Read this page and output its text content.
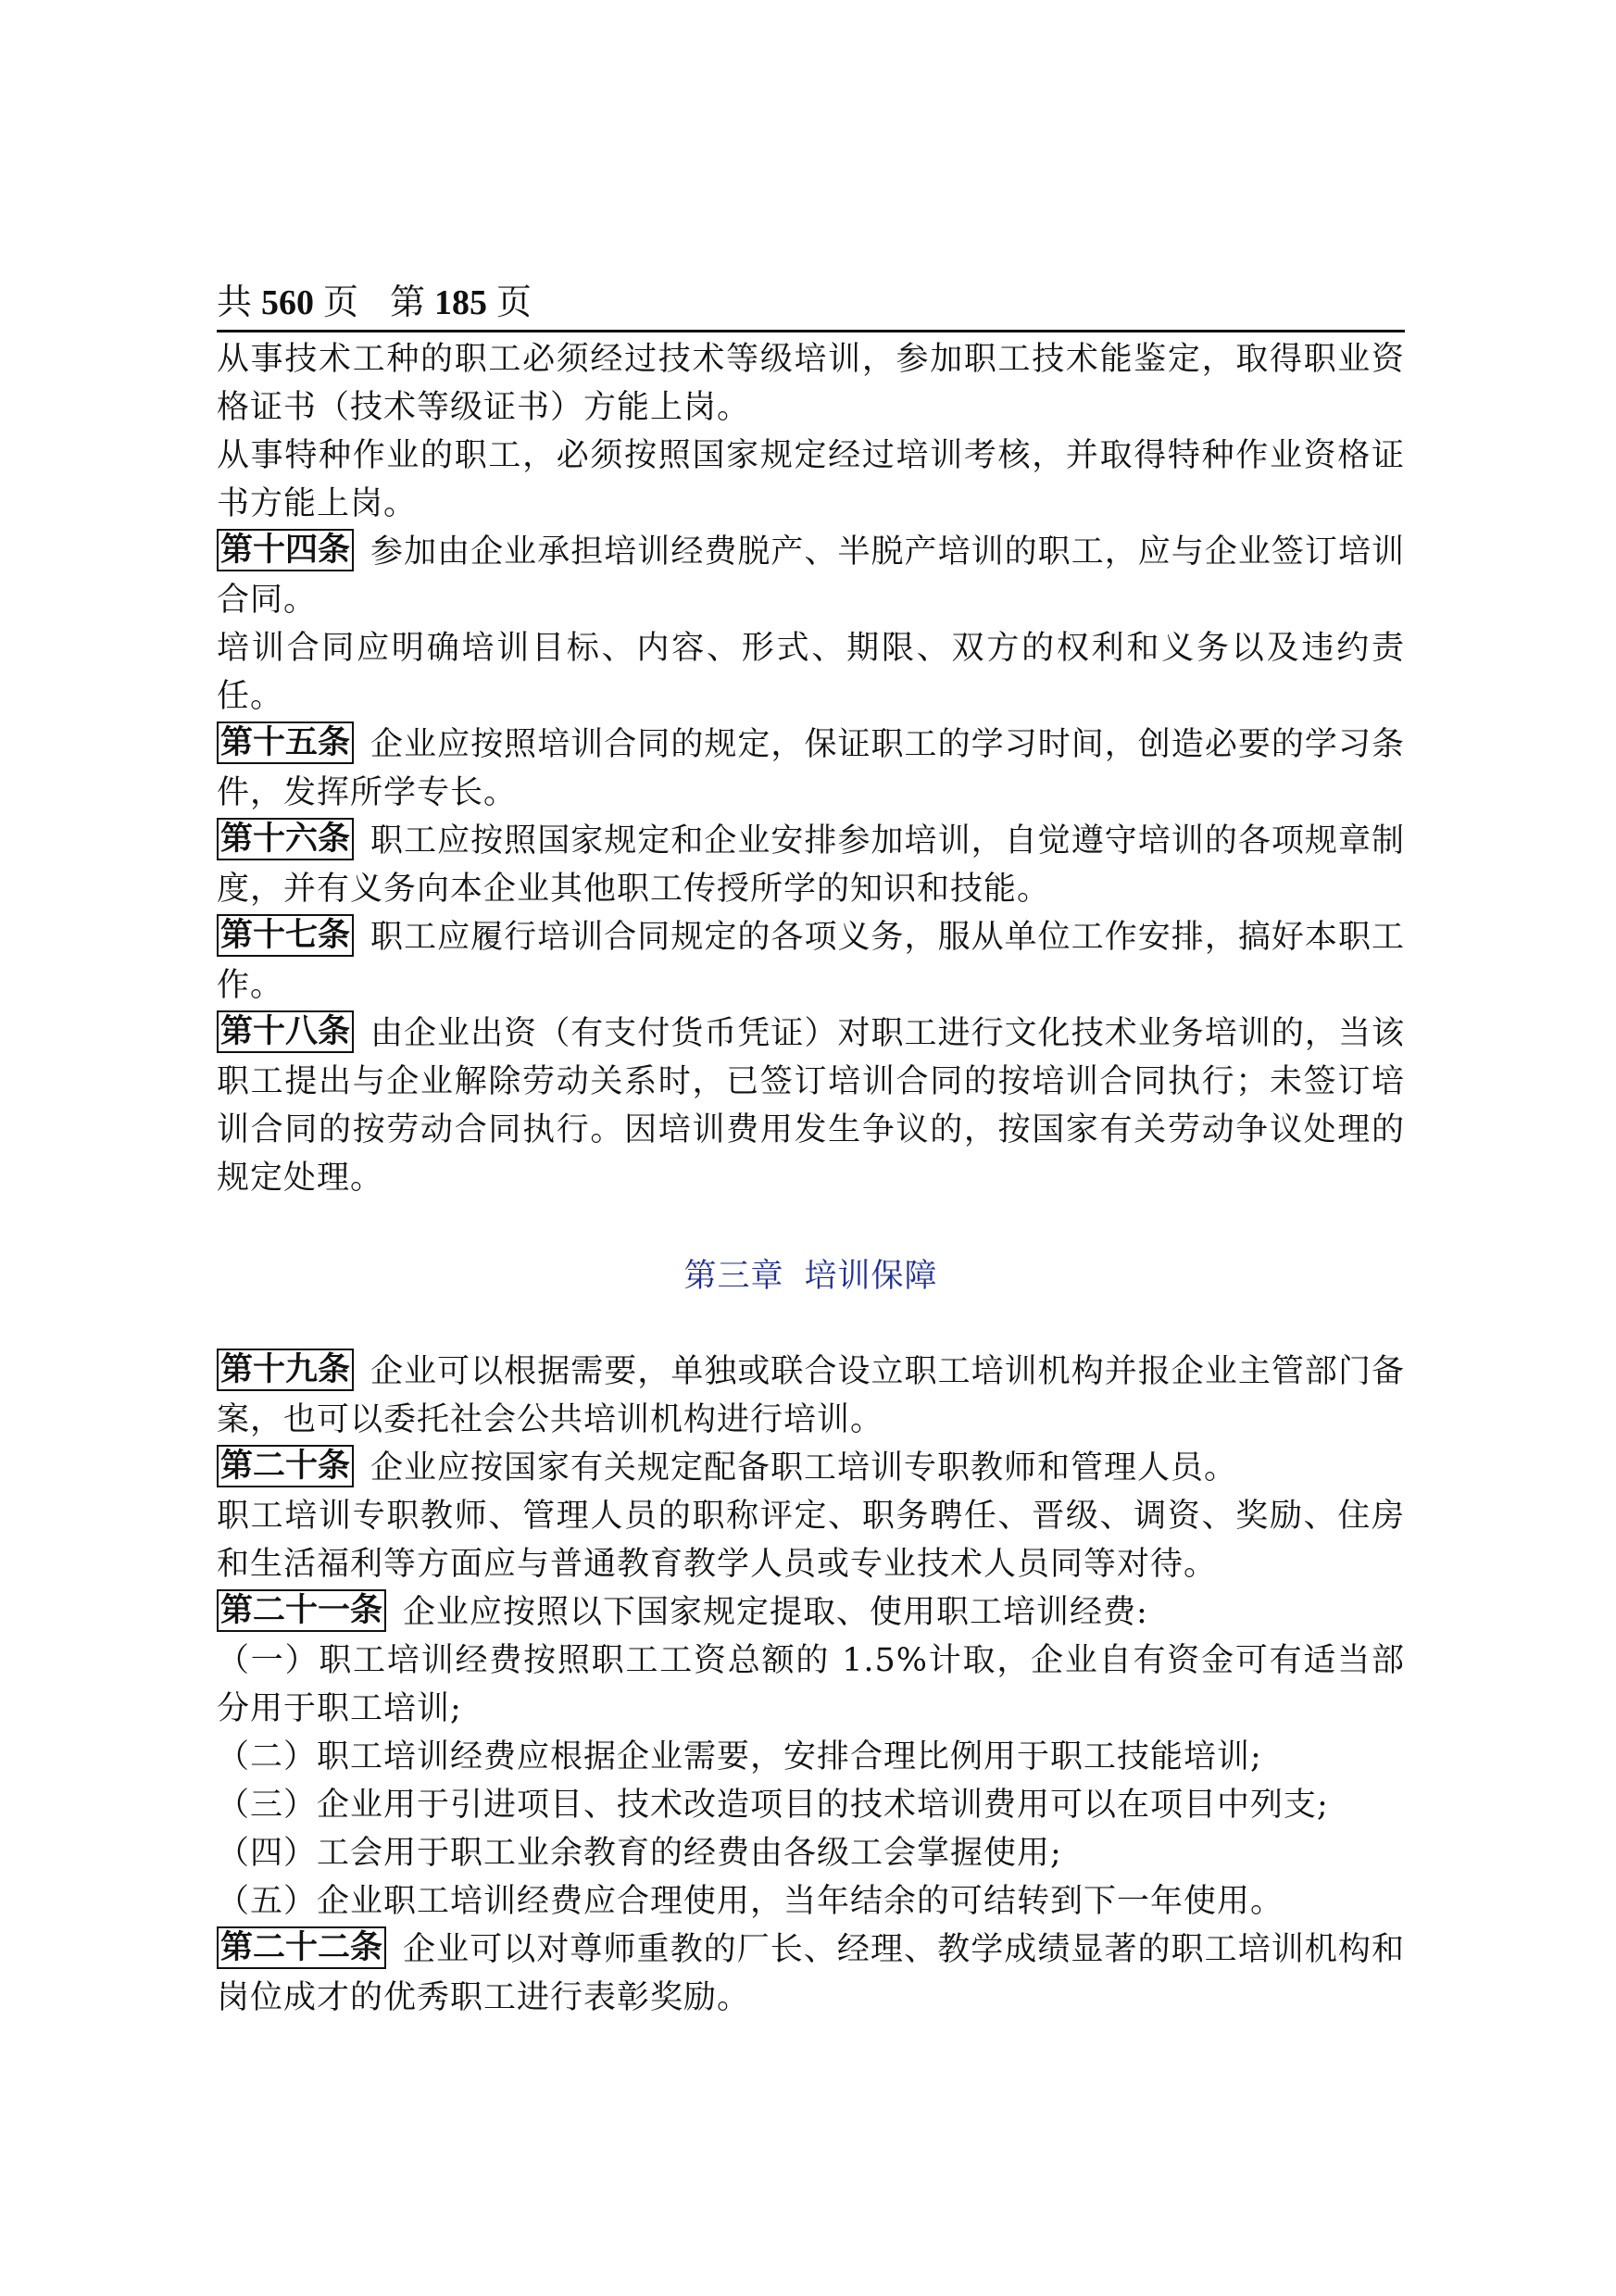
共 560 页 第 185 页

从事技术工种的职工必须经过技术等级培训，参加职工技术能鉴定，取得职业资格证书（技术等级证书）方能上岗。

从事特种作业的职工，必须按照国家规定经过培训考核，并取得特种作业资格证书方能上岗。

第十四条 参加由企业承担培训经费脱产、半脱产培训的职工，应与企业签订培训合同。

培训合同应明确培训目标、内容、形式、期限、双方的权利和义务以及违约责任。

第十五条 企业应按照培训合同的规定，保证职工的学习时间，创造必要的学习条件，发挥所学专长。

第十六条 职工应按照国家规定和企业安排参加培训，自觉遵守培训的各项规章制度，并有义务向本企业其他职工传授所学的知识和技能。

第十七条 职工应履行培训合同规定的各项义务，服从单位工作安排，搞好本职工作。

第十八条 由企业出资（有支付货币凭证）对职工进行文化技术业务培训的，当该职工提出与企业解除劳动关系时，已签订培训合同的按培训合同执行；未签订培训合同的按劳动合同执行。因培训费用发生争议的，按国家有关劳动争议处理的规定处理。

第三章 培训保障

第十九条 企业可以根据需要，单独或联合设立职工培训机构并报企业主管部门备案，也可以委托社会公共培训机构进行培训。

第二十条 企业应按国家有关规定配备职工培训专职教师和管理人员。

职工培训专职教师、管理人员的职称评定、职务聘任、晋级、调资、奖励、住房和生活福利等方面应与普通教育教学人员或专业技术人员同等对待。

第二十一条 企业应按照以下国家规定提取、使用职工培训经费:

（一）职工培训经费按照职工工资总额的 1.5%计取，企业自有资金可有适当部分用于职工培训;

（二）职工培训经费应根据企业需要，安排合理比例用于职工技能培训;

（三）企业用于引进项目、技术改造项目的技术培训费用可以在项目中列支;

（四）工会用于职工业余教育的经费由各级工会掌握使用;

（五）企业职工培训经费应合理使用，当年结余的可结转到下一年使用。

第二十二条 企业可以对尊师重教的厂长、经理、教学成绩显著的职工培训机构和岗位成才的优秀职工进行表彰奖励。
